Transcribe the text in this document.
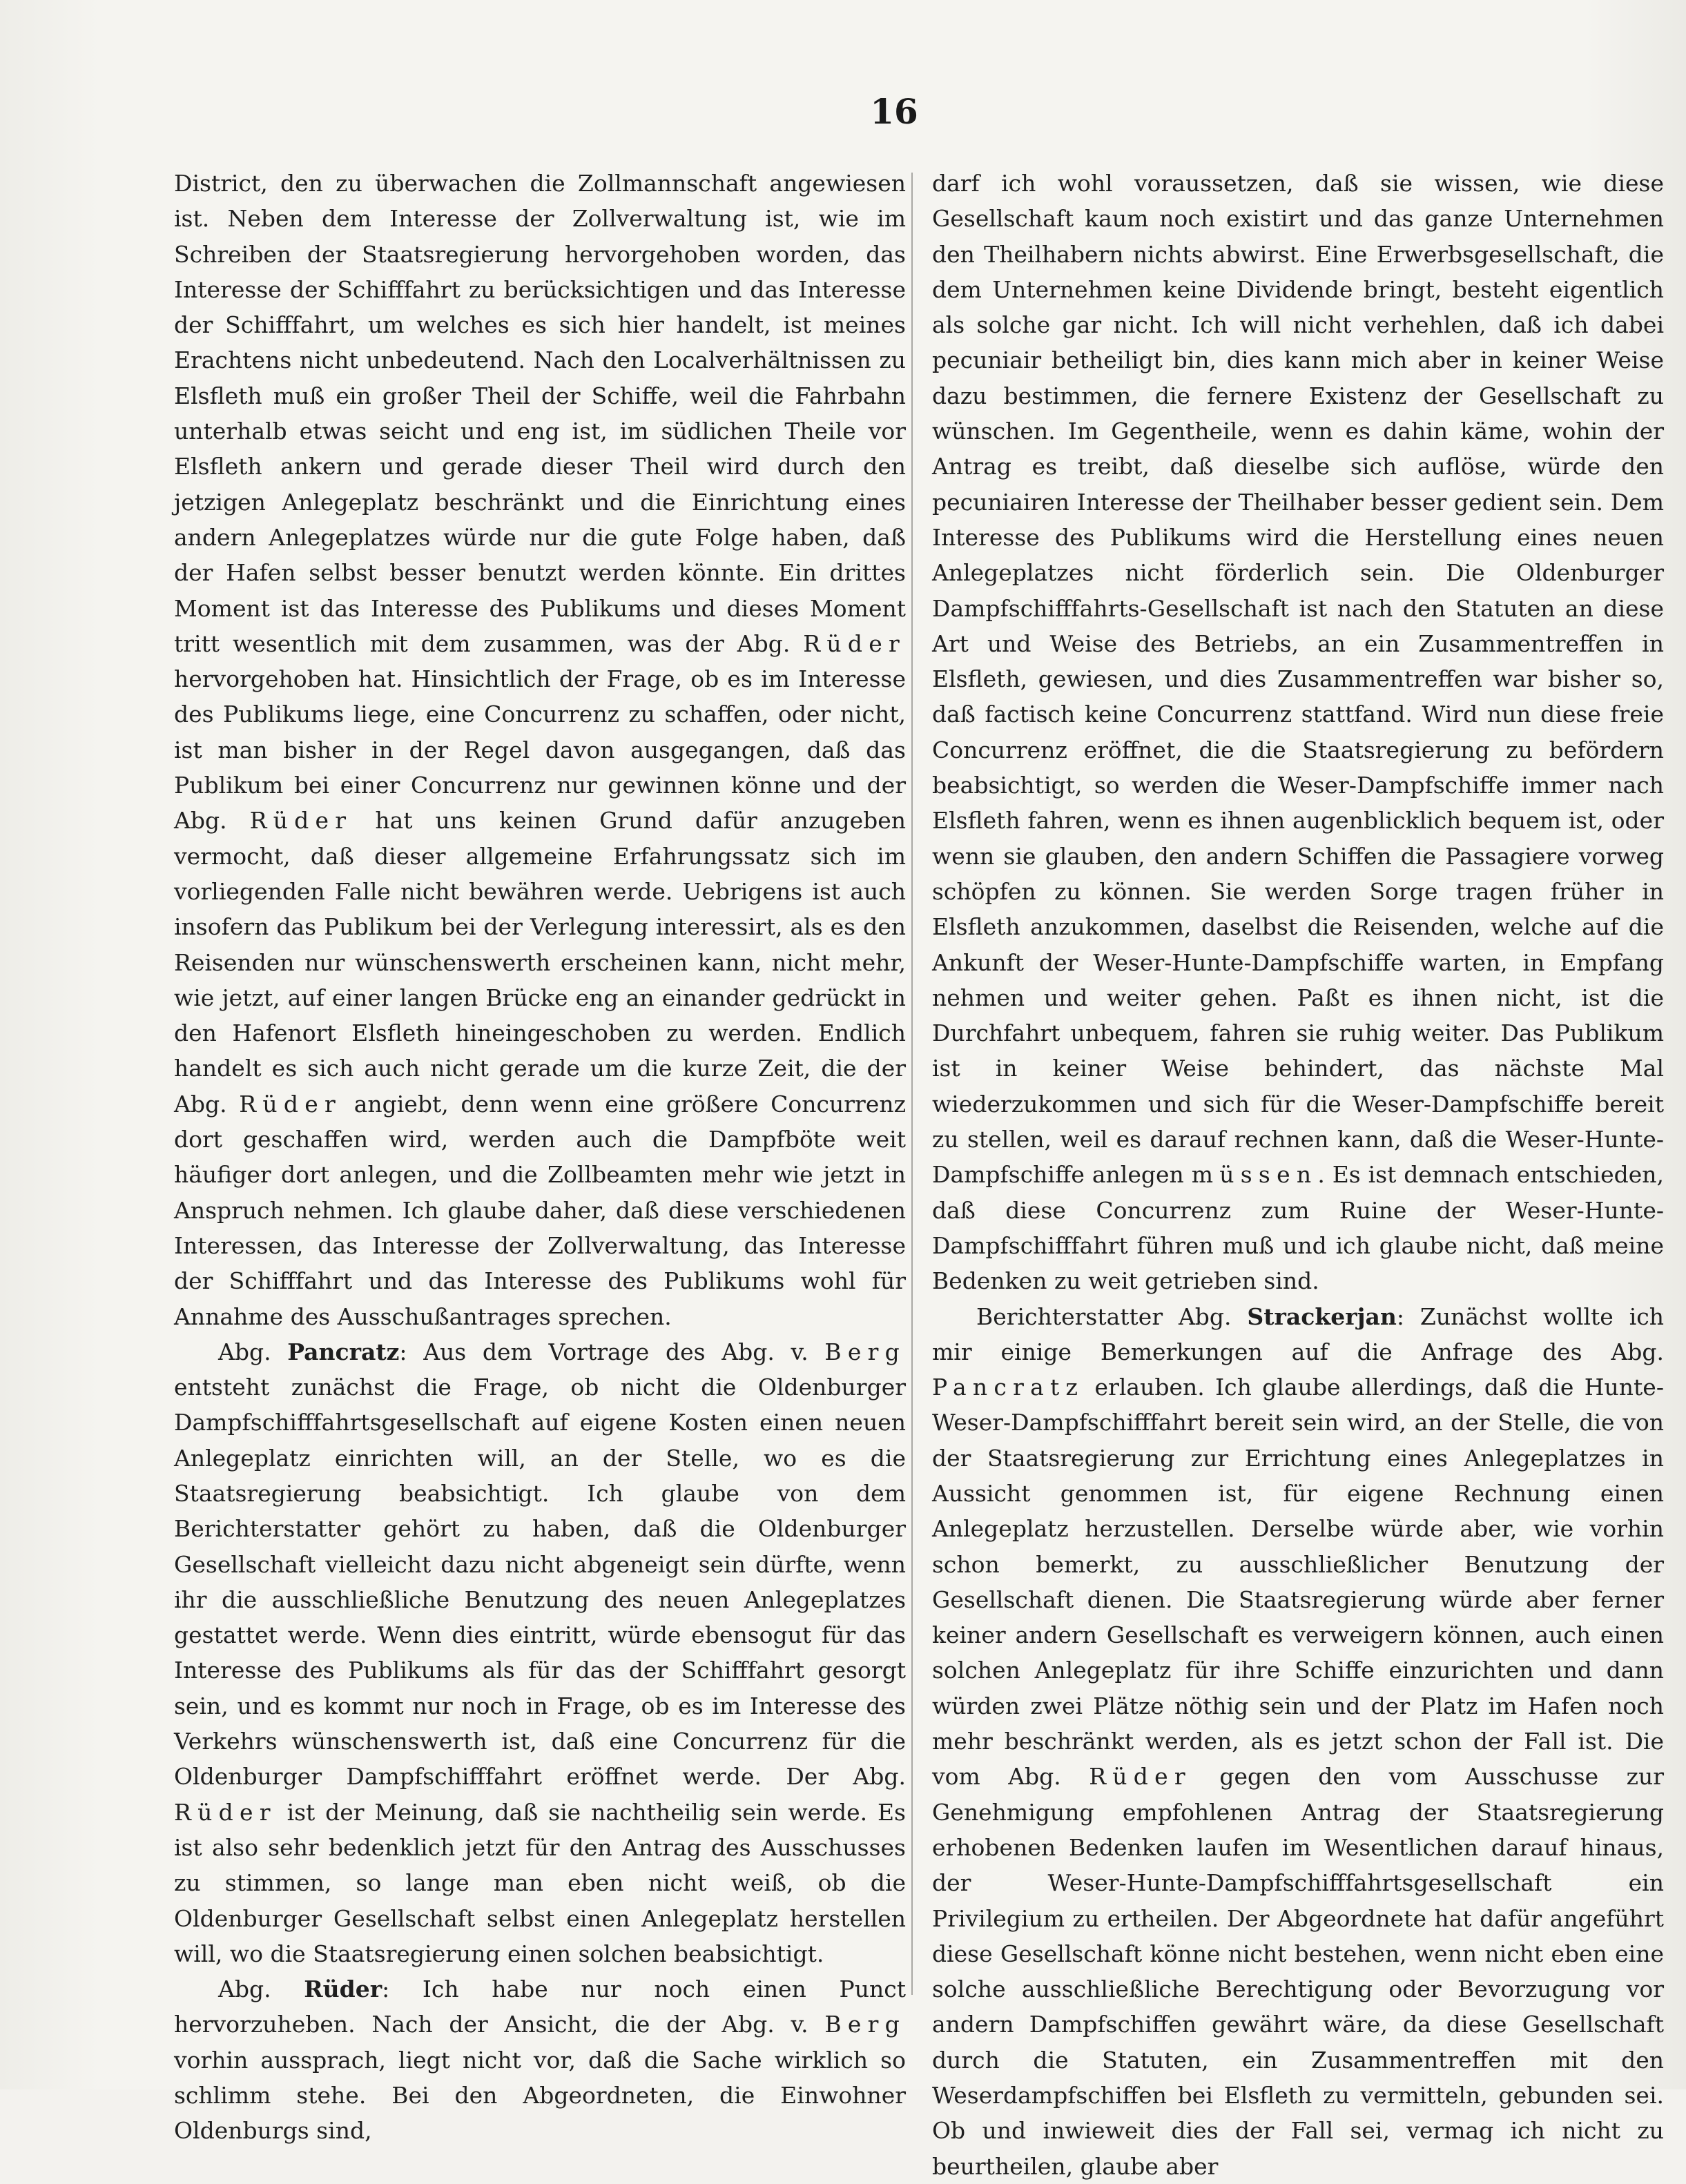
16

District, den zu überwachen die Zollmannschaft angewiesen ist. Neben dem Interesse der Zollverwaltung ist, wie im Schreiben der Staatsregierung hervorgehoben worden, das Interesse der Schifffahrt zu berücksichtigen und das Interesse der Schifffahrt, um welches es sich hier handelt, ist meines Erachtens nicht unbedeutend. Nach den Localverhältnissen zu Elsfleth muß ein großer Theil der Schiffe, weil die Fahrbahn unterhalb etwas seicht und eng ist, im südlichen Theile vor Elsfleth ankern und gerade dieser Theil wird durch den jetzigen Anlegeplatz beschränkt und die Einrichtung eines andern Anlegeplatzes würde nur die gute Folge haben, daß der Hafen selbst besser benutzt werden könnte. Ein drittes Moment ist das Interesse des Publikums und dieses Moment tritt wesentlich mit dem zusammen, was der Abg. Rüder hervorgehoben hat. Hinsichtlich der Frage, ob es im Interesse des Publikums liege, eine Concurrenz zu schaffen, oder nicht, ist man bisher in der Regel davon ausgegangen, daß das Publikum bei einer Concurrenz nur gewinnen könne und der Abg. Rüder hat uns keinen Grund dafür anzugeben vermocht, daß dieser allgemeine Erfahrungssatz sich im vorliegenden Falle nicht bewähren werde. Uebrigens ist auch insofern das Publikum bei der Verlegung interessirt, als es den Reisenden nur wünschenswerth erscheinen kann, nicht mehr, wie jetzt, auf einer langen Brücke eng an einander gedrückt in den Hafenort Elsfleth hineingeschoben zu werden. Endlich handelt es sich auch nicht gerade um die kurze Zeit, die der Abg. Rüder angiebt, denn wenn eine größere Concurrenz dort geschaffen wird, werden auch die Dampfböte weit häufiger dort anlegen, und die Zollbeamten mehr wie jetzt in Anspruch nehmen. Ich glaube daher, daß diese verschiedenen Interessen, das Interesse der Zollverwaltung, das Interesse der Schifffahrt und das Interesse des Publikums wohl für Annahme des Ausschußantrages sprechen.

Abg. Pancratz: Aus dem Vortrage des Abg. v. Berg entsteht zunächst die Frage, ob nicht die Oldenburger Dampfschifffahrtsgesellschaft auf eigene Kosten einen neuen Anlegeplatz einrichten will, an der Stelle, wo es die Staatsregierung beabsichtigt. Ich glaube von dem Berichterstatter gehört zu haben, daß die Oldenburger Gesellschaft vielleicht dazu nicht abgeneigt sein dürfte, wenn ihr die ausschließliche Benutzung des neuen Anlegeplatzes gestattet werde. Wenn dies eintritt, würde ebensogut für das Interesse des Publikums als für das der Schifffahrt gesorgt sein, und es kommt nur noch in Frage, ob es im Interesse des Verkehrs wünschenswerth ist, daß eine Concurrenz für die Oldenburger Dampfschifffahrt eröffnet werde. Der Abg. Rüder ist der Meinung, daß sie nachtheilig sein werde. Es ist also sehr bedenklich jetzt für den Antrag des Ausschusses zu stimmen, so lange man eben nicht weiß, ob die Oldenburger Gesellschaft selbst einen Anlegeplatz herstellen will, wo die Staatsregierung einen solchen beabsichtigt.

Abg. Rüder: Ich habe nur noch einen Punct hervorzuheben. Nach der Ansicht, die der Abg. v. Berg vorhin aussprach, liegt nicht vor, daß die Sache wirklich so schlimm stehe. Bei den Abgeordneten, die Einwohner Oldenburgs sind,

darf ich wohl voraussetzen, daß sie wissen, wie diese Gesellschaft kaum noch existirt und das ganze Unternehmen den Theilhabern nichts abwirst. Eine Erwerbsgesellschaft, die dem Unternehmen keine Dividende bringt, besteht eigentlich als solche gar nicht. Ich will nicht verhehlen, daß ich dabei pecuniair betheiligt bin, dies kann mich aber in keiner Weise dazu bestimmen, die fernere Existenz der Gesellschaft zu wünschen. Im Gegentheile, wenn es dahin käme, wohin der Antrag es treibt, daß dieselbe sich auflöse, würde den pecuniairen Interesse der Theilhaber besser gedient sein. Dem Interesse des Publikums wird die Herstellung eines neuen Anlegeplatzes nicht förderlich sein. Die Oldenburger Dampfschifffahrts-Gesellschaft ist nach den Statuten an diese Art und Weise des Betriebs, an ein Zusammentreffen in Elsfleth, gewiesen, und dies Zusammentreffen war bisher so, daß factisch keine Concurrenz stattfand. Wird nun diese freie Concurrenz eröffnet, die die Staatsregierung zu befördern beabsichtigt, so werden die Weser-Dampfschiffe immer nach Elsfleth fahren, wenn es ihnen augenblicklich bequem ist, oder wenn sie glauben, den andern Schiffen die Passagiere vorweg schöpfen zu können. Sie werden Sorge tragen früher in Elsfleth anzukommen, daselbst die Reisenden, welche auf die Ankunft der Weser-Hunte-Dampfschiffe warten, in Empfang nehmen und weiter gehen. Paßt es ihnen nicht, ist die Durchfahrt unbequem, fahren sie ruhig weiter. Das Publikum ist in keiner Weise behindert, das nächste Mal wiederzukommen und sich für die Weser-Dampfschiffe bereit zu stellen, weil es darauf rechnen kann, daß die Weser-Hunte-Dampfschiffe anlegen müssen. Es ist demnach entschieden, daß diese Concurrenz zum Ruine der Weser-Hunte-Dampfschifffahrt führen muß und ich glaube nicht, daß meine Bedenken zu weit getrieben sind.

Berichterstatter Abg. Strackerjan: Zunächst wollte ich mir einige Bemerkungen auf die Anfrage des Abg. Pancratz erlauben. Ich glaube allerdings, daß die Hunte-Weser-Dampfschifffahrt bereit sein wird, an der Stelle, die von der Staatsregierung zur Errichtung eines Anlegeplatzes in Aussicht genommen ist, für eigene Rechnung einen Anlegeplatz herzustellen. Derselbe würde aber, wie vorhin schon bemerkt, zu ausschließlicher Benutzung der Gesellschaft dienen. Die Staatsregierung würde aber ferner keiner andern Gesellschaft es verweigern können, auch einen solchen Anlegeplatz für ihre Schiffe einzurichten und dann würden zwei Plätze nöthig sein und der Platz im Hafen noch mehr beschränkt werden, als es jetzt schon der Fall ist. Die vom Abg. Rüder gegen den vom Ausschusse zur Genehmigung empfohlenen Antrag der Staatsregierung erhobenen Bedenken laufen im Wesentlichen darauf hinaus, der Weser-Hunte-Dampfschifffahrtsgesellschaft ein Privilegium zu ertheilen. Der Abgeordnete hat dafür angeführt diese Gesellschaft könne nicht bestehen, wenn nicht eben eine solche ausschließliche Berechtigung oder Bevorzugung vor andern Dampfschiffen gewährt wäre, da diese Gesellschaft durch die Statuten, ein Zusammentreffen mit den Weserdampfschiffen bei Elsfleth zu vermitteln, gebunden sei. Ob und inwieweit dies der Fall sei, vermag ich nicht zu beurtheilen, glaube aber
